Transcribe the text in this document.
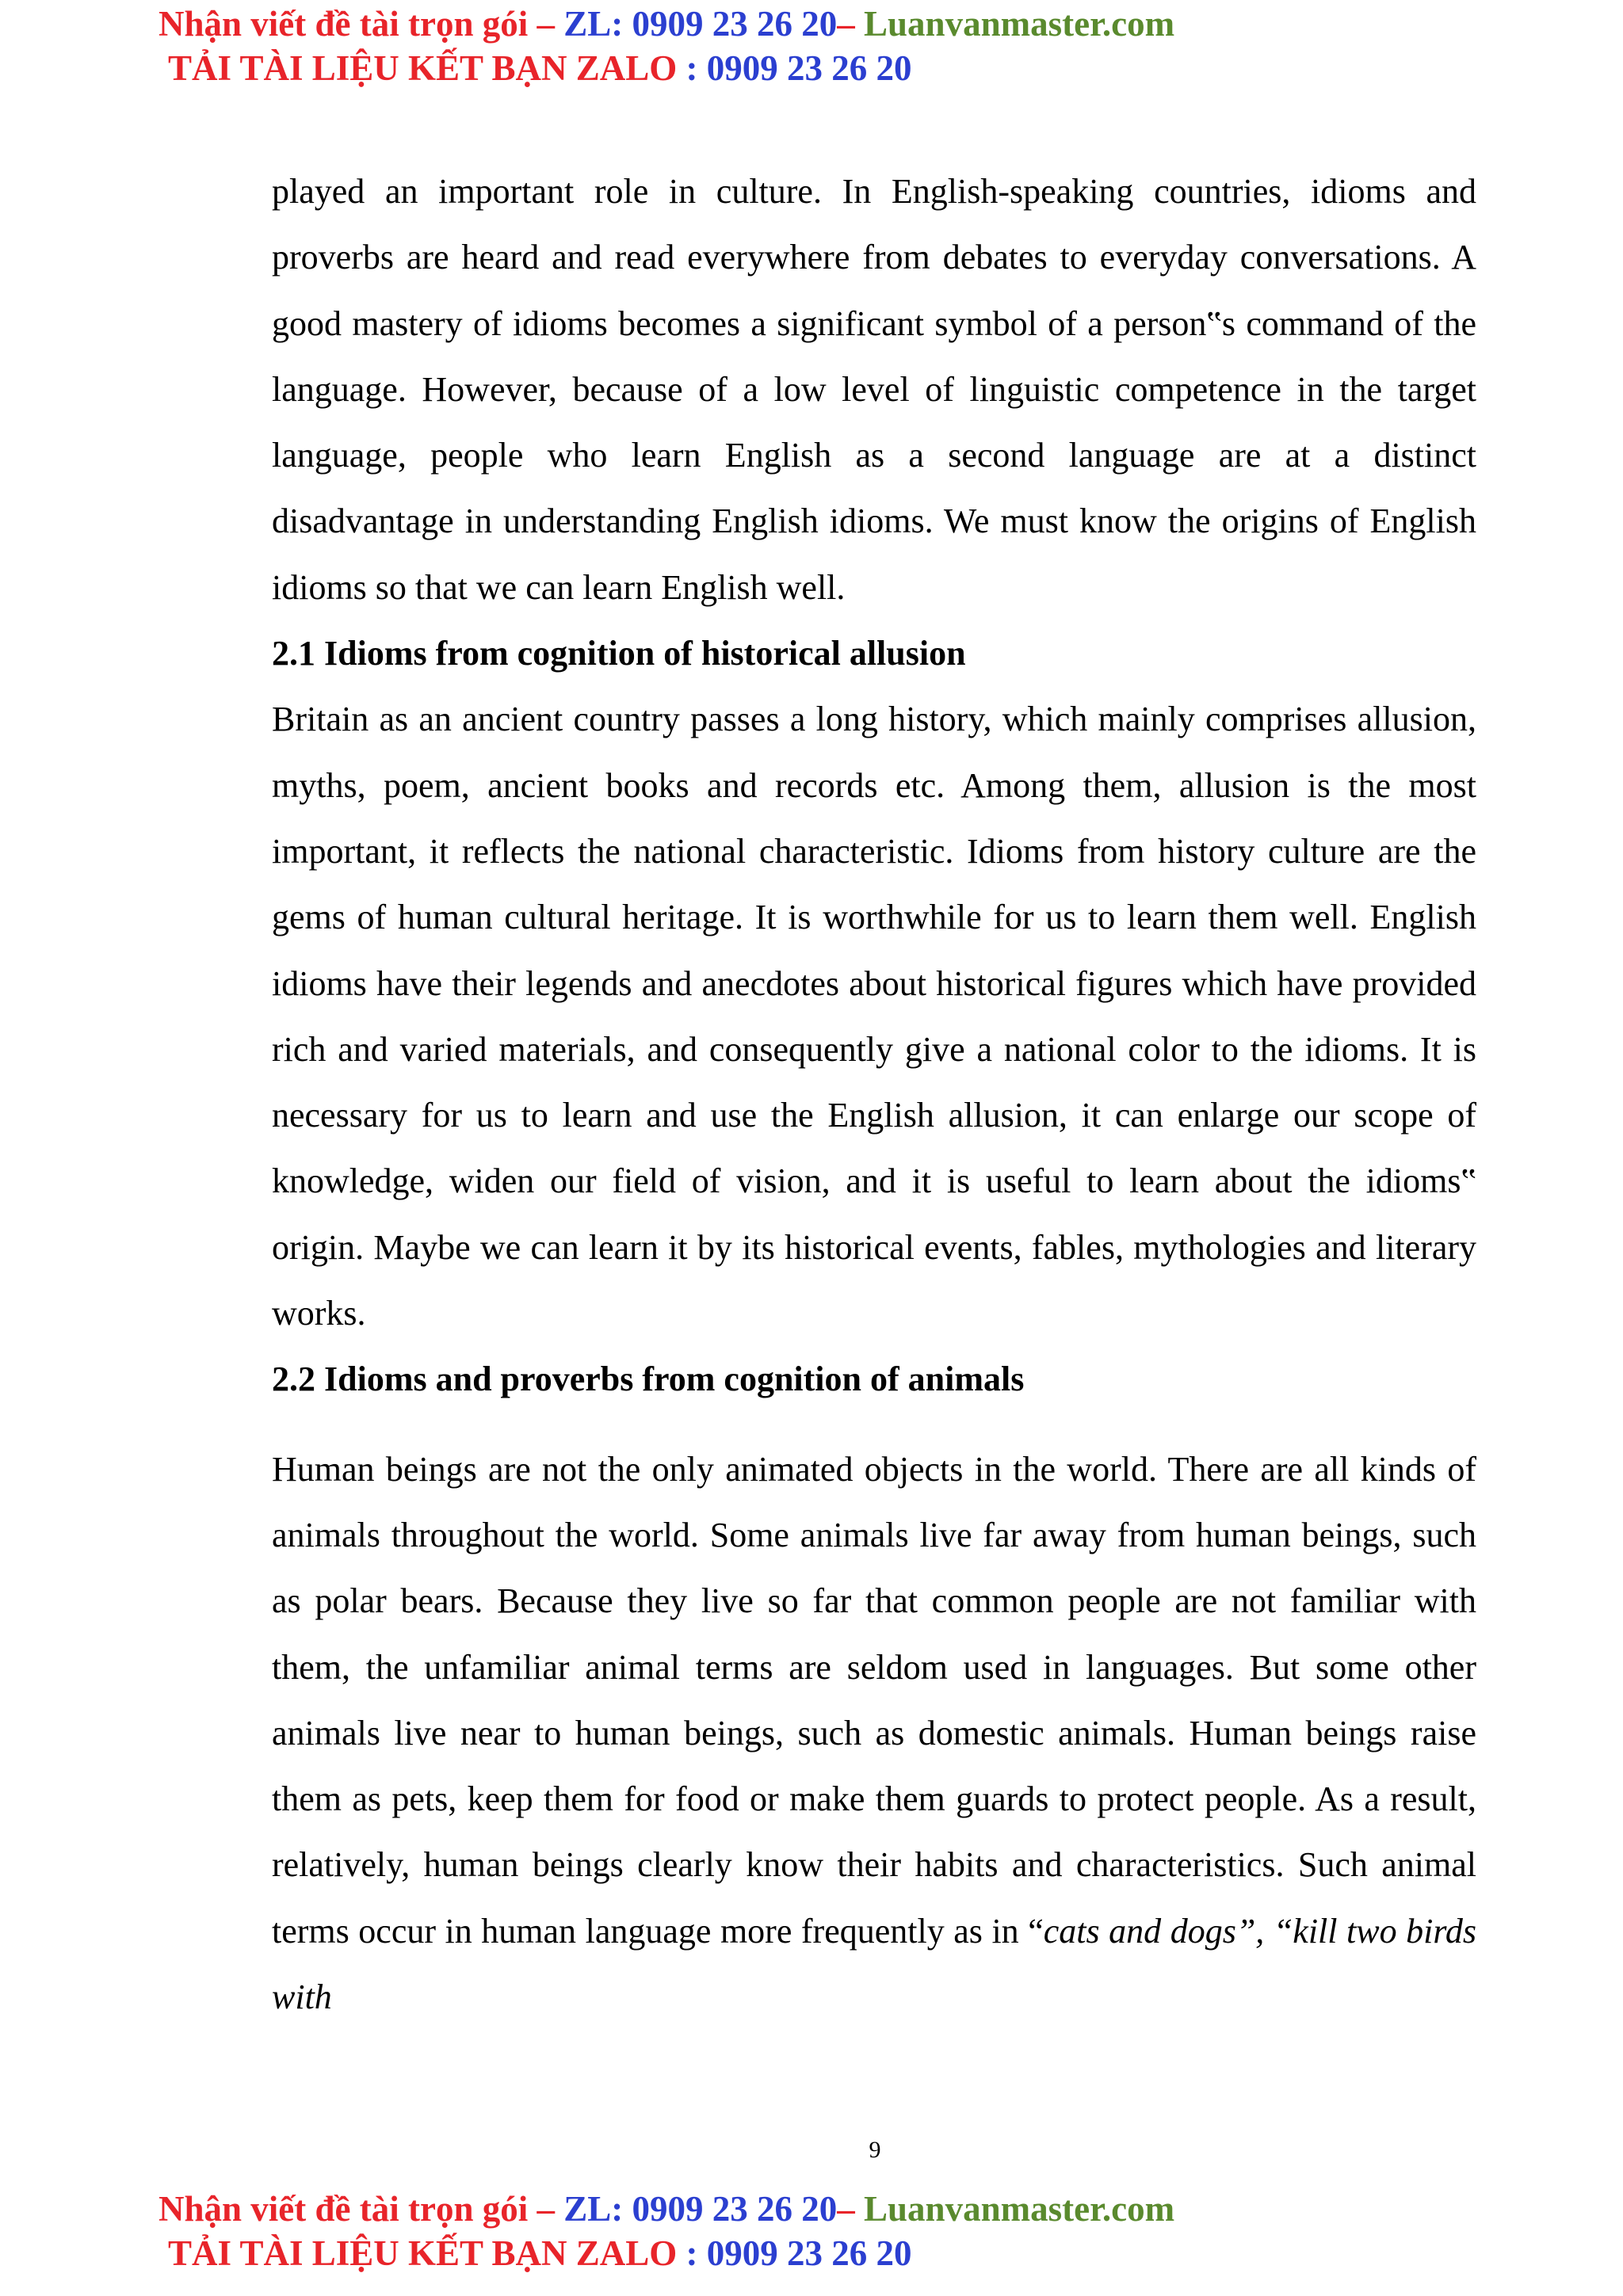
Nhận viết đề tài trọn gói – ZL: 0909 23 26 20– Luanvanmaster.com
TẢI TÀI LIỆU KẾT BẠN ZALO : 0909 23 26 20

played an important role in culture. In English-speaking countries, idioms and proverbs are heard and read everywhere from debates to everyday conversations. A good mastery of idioms becomes a significant symbol of a person‟s command of the language. However, because of a low level of linguistic competence in the target language, people who learn English as a second language are at a distinct disadvantage in understanding English idioms. We must know the origins of English idioms so that we can learn English well.

2.1 Idioms from cognition of historical allusion

Britain as an ancient country passes a long history, which mainly comprises allusion, myths, poem, ancient books and records etc. Among them, allusion is the most important, it reflects the national characteristic. Idioms from history culture are the gems of human cultural heritage. It is worthwhile for us to learn them well. English idioms have their legends and anecdotes about historical figures which have provided rich and varied materials, and consequently give a national color to the idioms. It is necessary for us to learn and use the English allusion, it can enlarge our scope of knowledge, widen our field of vision, and it is useful to learn about the idioms‟ origin. Maybe we can learn it by its historical events, fables, mythologies and literary works.

2.2 Idioms and proverbs from cognition of animals

Human beings are not the only animated objects in the world. There are all kinds of animals throughout the world. Some animals live far away from human beings, such as polar bears. Because they live so far that common people are not familiar with them, the unfamiliar animal terms are seldom used in languages. But some other animals live near to human beings, such as domestic animals. Human beings raise them as pets, keep them for food or make them guards to protect people. As a result, relatively, human beings clearly know their habits and characteristics. Such animal terms occur in human language more frequently as in “cats and dogs”, “kill two birds with

9
Nhận viết đề tài trọn gói – ZL: 0909 23 26 20– Luanvanmaster.com
TẢI TÀI LIỆU KẾT BẠN ZALO : 0909 23 26 20
